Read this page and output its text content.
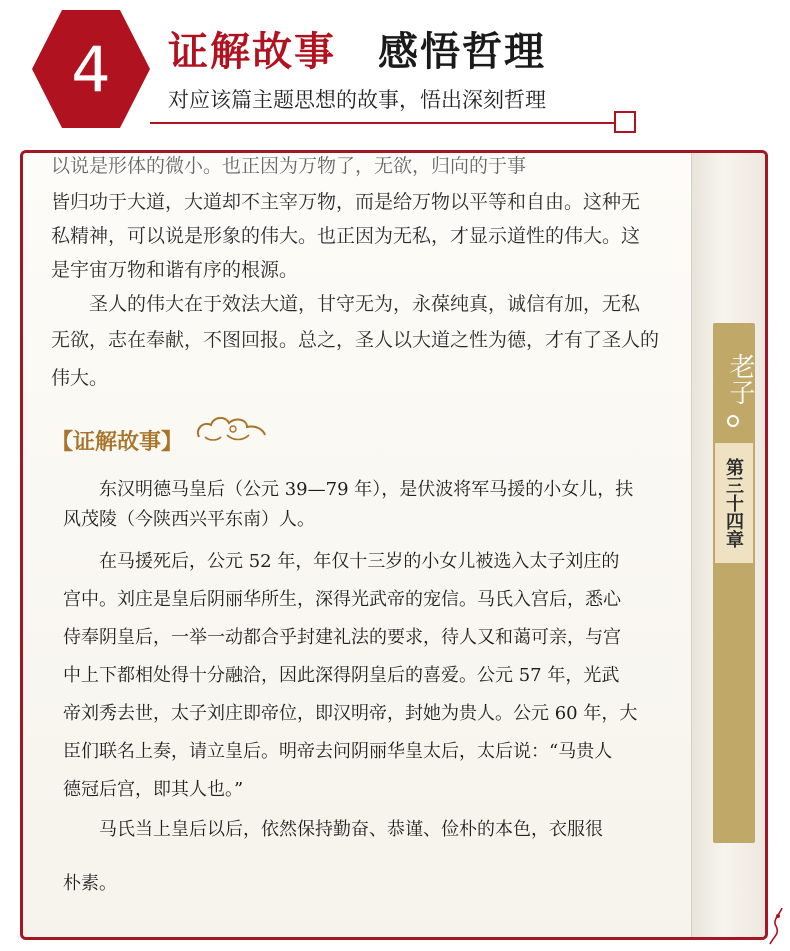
4	证解故事 感悟哲理
对应该篇主题思想的故事，悟出深刻哲理
以说是形体的微小。也正因为万物了，无欲，归向的于事
皆归功于大道，大道却不主宰万物，而是给万物以平等和自由。这种无
私精神，可以说是形象的伟大。也正因为无私，才显示道性的伟大。这
是宇宙万物和谐有序的根源。
　　圣人的伟大在于效法大道，甘守无为，永葆纯真，诚信有加，无私
无欲，志在奉献，不图回报。总之，圣人以大道之性为德，才有了圣人的
伟大。
【证解故事】
　　东汉明德马皇后（公元 39—79 年），是伏波将军马援的小女儿，扶
风茂陵（今陕西兴平东南）人。
　　在马援死后，公元 52 年，年仅十三岁的小女儿被选入太子刘庄的
宫中。刘庄是皇后阴丽华所生，深得光武帝的宠信。马氏入宫后，悉心
侍奉阴皇后，一举一动都合乎封建礼法的要求，待人又和蔼可亲，与宫
中上下都相处得十分融洽，因此深得阴皇后的喜爱。公元 57 年，光武
帝刘秀去世，太子刘庄即帝位，即汉明帝，封她为贵人。公元 60 年，大
臣们联名上奏，请立皇后。明帝去问阴丽华皇太后，太后说：“马贵人
德冠后宫，即其人也。”
　　马氏当上皇后以后，依然保持勤奋、恭谨、俭朴的本色，衣服很
朴素。
老子
第三十四章
